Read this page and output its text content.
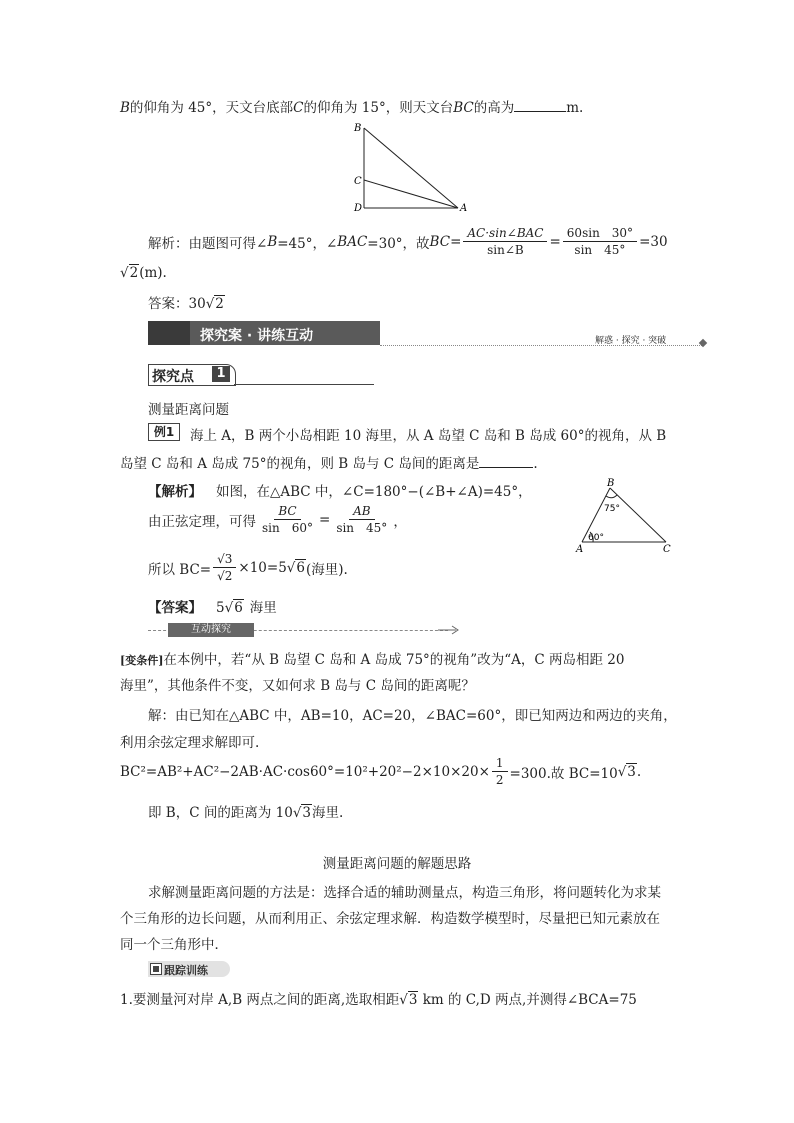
B的仰角为 45°，天文台底部C的仰角为 15°，则天文台BC的高为	m.
B
C
D	A
解析：由题图可得∠ B =45°，∠ BAC =30°，故 BC = $\frac{\text{AC·sin∠BAC}}{\sin\angle B} = \frac{60\sin 30^\circ}{\sin 45^\circ} =30$
√2(m).
答案：30√2
探究案 · 讲练互动	解惑 · 探究 · 突破
探究点	1
测量距离问题
例1	海上 A，B 两个小岛相距 10 海里，从 A 岛望 C 岛和 B 岛成 60°的视角，从 B
岛望 C 岛和 A 岛成 75°的视角，则 B 岛与 C 岛间的距离是	.
【解析】 如图，在△ABC 中，∠C=180°−(∠B+∠A)=45°，
由正弦定理，可得 $\frac{BC}{\sin 60^\circ} = \frac{AB}{\sin 45^\circ}$ ，
所以 $BC= \frac{√3}{√2} \times 10=5$ √ 6 (海里).
B
75°
60°
A	C
【答案】 5√6 海里
互动探究
[变条件]在本例中，若“从 B 岛望 C 岛和 A 岛成 75°的视角”改为“A，C 两岛相距 20
海里”，其他条件不变，又如何求 B 岛与 C 岛间的距离呢？
解：由已知在△ABC 中，AB=10，AC=20，∠BAC=60°，即已知两边和两边的夹角，
利用余弦定理求解即可.
$BC^2=AB^2+AC^2-2AB\cdot AC\cdot\cos 60^\circ=10^2+20^2-2\times 10\times 20\times \frac{1}{2} =300$.故 BC=10 √ 3 .
即 B，C 间的距离为 10√3海里.
测量距离问题的解题思路
求解测量距离问题的方法是：选择合适的辅助测量点，构造三角形，将问题转化为求某
个三角形的边长问题，从而利用正、余弦定理求解．构造数学模型时，尽量把已知元素放在
同一个三角形中．
跟踪训练
1.要测量河对岸 A,B 两点之间的距离,选取相距√3 km 的 C,D 两点,并测得∠BCA=75
